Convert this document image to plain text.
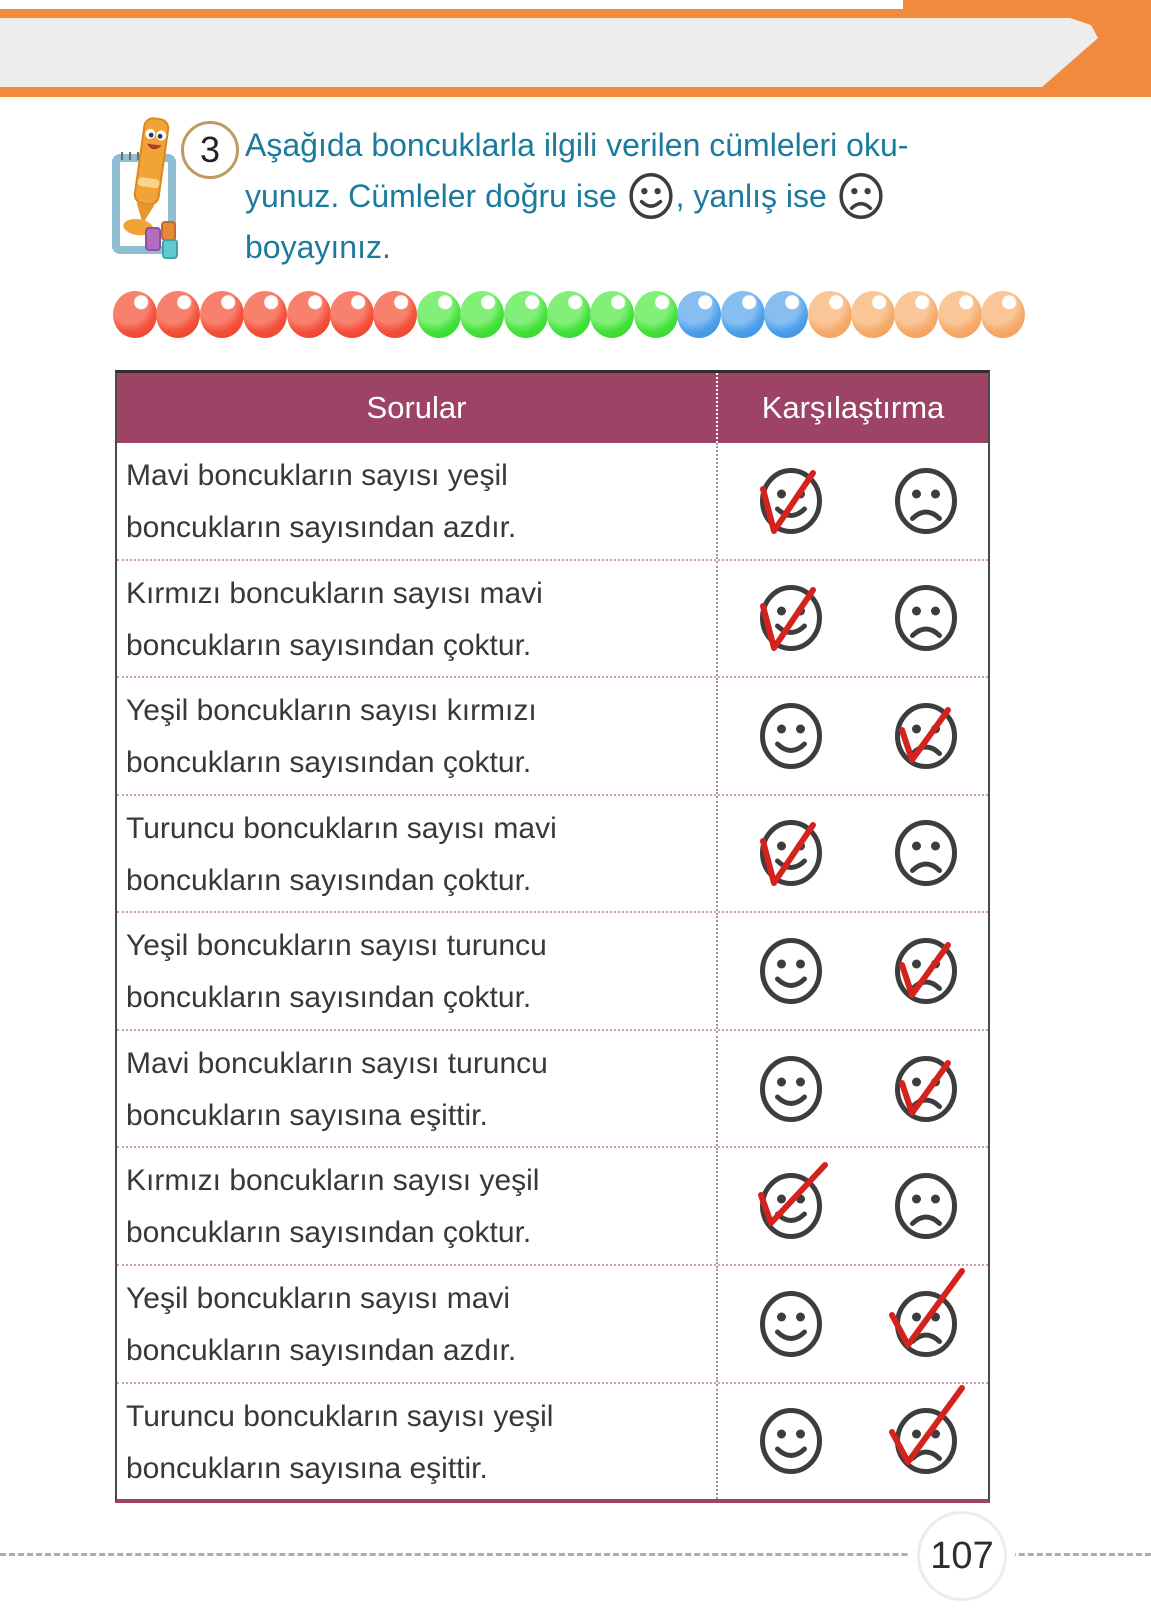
3 Aşağıda boncuklarla ilgili verilen cümleleri oku-
yunuz. Cümleler doğru ise , yanlış ise
boyayınız.
Sorular	Karşılaştırma
Mavi boncukların sayısı yeşil
boncukların sayısından azdır.
Kırmızı boncukların sayısı mavi
boncukların sayısından çoktur.
Yeşil boncukların sayısı kırmızı
boncukların sayısından çoktur.
Turuncu boncukların sayısı mavi
boncukların sayısından çoktur.
Yeşil boncukların sayısı turuncu
boncukların sayısından çoktur.
Mavi boncukların sayısı turuncu
boncukların sayısına eşittir.
Kırmızı boncukların sayısı yeşil
boncukların sayısından çoktur.
Yeşil boncukların sayısı mavi
boncukların sayısından azdır.
Turuncu boncukların sayısı yeşil
boncukların sayısına eşittir.
107
